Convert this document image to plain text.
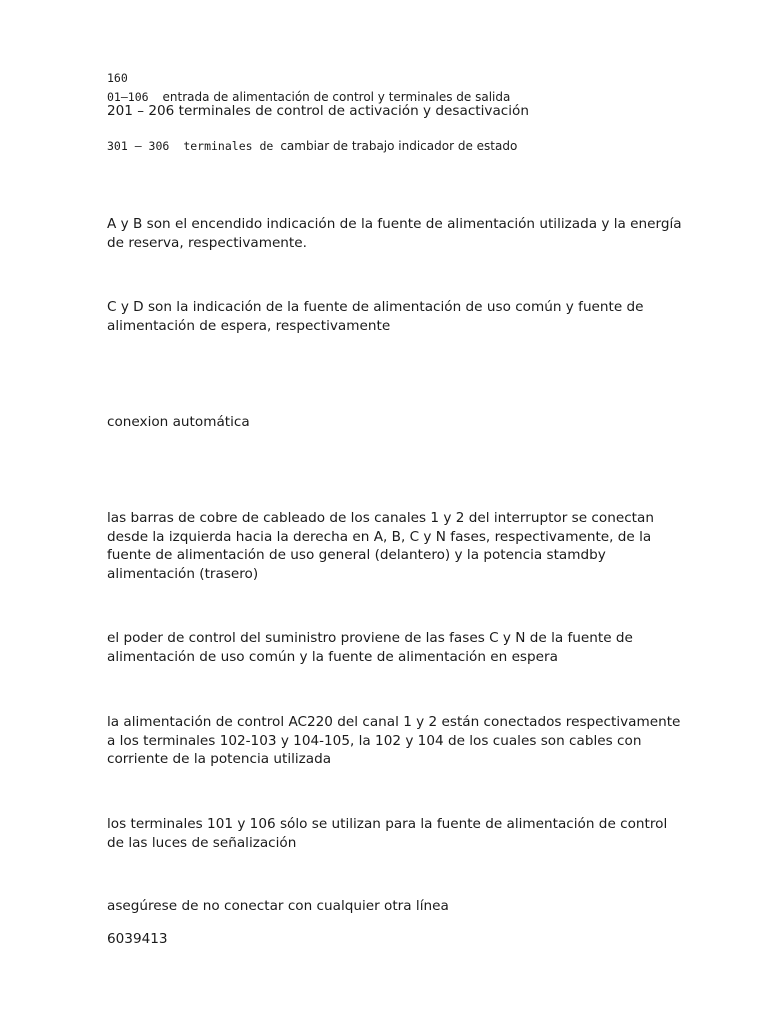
160
01–106 entrada de alimentación de control y terminales de salida
201 – 206 terminales de control de activación y desactivación
301 – 306 terminales de cambiar de trabajo indicador de estado
A y B son el encendido indicación de la fuente de alimentación utilizada y la energía
de reserva, respectivamente.
C y D son la indicación de la fuente de alimentación de uso común y fuente de
alimentación de espera, respectivamente
conexion automática
las barras de cobre de cableado de los canales 1 y 2 del interruptor se conectan
desde la izquierda hacia la derecha en A, B, C y N fases, respectivamente, de la
fuente de alimentación de uso general (delantero) y la potencia stamdby
alimentación (trasero)
el poder de control del suministro proviene de las fases C y N de la fuente de
alimentación de uso común y la fuente de alimentación en espera
la alimentación de control AC220 del canal 1 y 2 están conectados respectivamente
a los terminales 102-103 y 104-105, la 102 y 104 de los cuales son cables con
corriente de la potencia utilizada
los terminales 101 y 106 sólo se utilizan para la fuente de alimentación de control
de las luces de señalización
asegúrese de no conectar con cualquier otra línea
6039413
